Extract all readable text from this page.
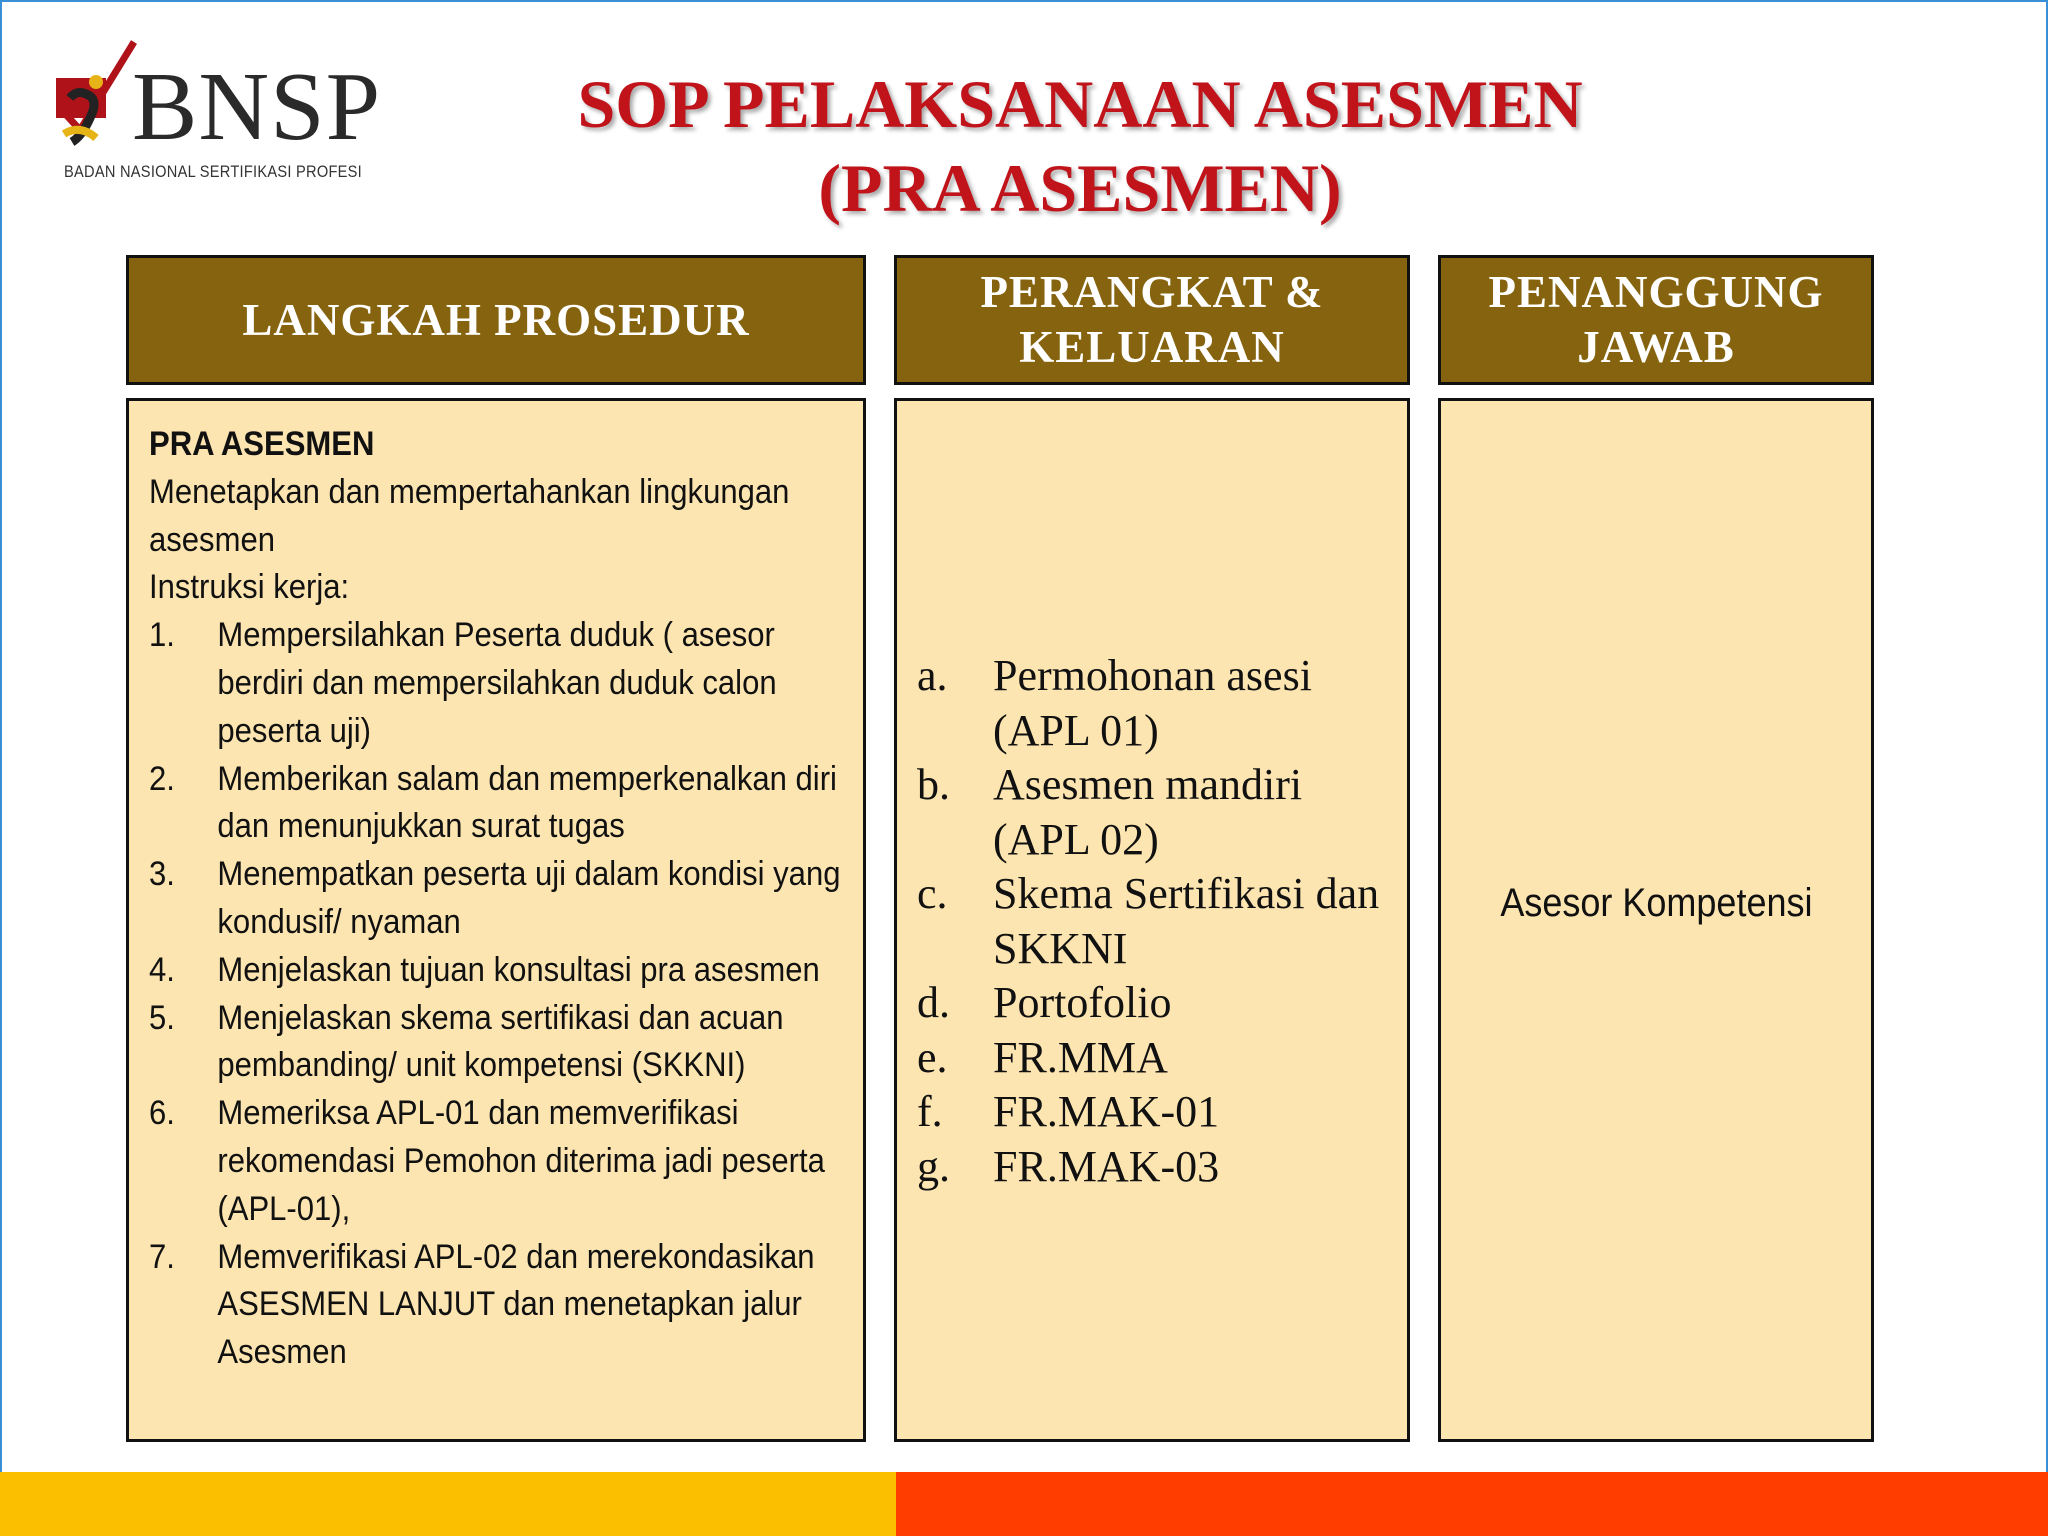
BNSP
BADAN NASIONAL SERTIFIKASI PROFESI
SOP PELAKSANAAN ASESMEN
(PRA ASESMEN)
LANGKAH PROSEDUR
PERANGKAT &
KELUARAN
PENANGGUNG
JAWAB
PRA ASESMEN
Menetapkan dan mempertahankan lingkungan asesmen
Instruksi kerja:
1. Mempersilahkan Peserta duduk ( asesor berdiri dan mempersilahkan duduk calon peserta uji)
2. Memberikan salam dan memperkenalkan diri dan menunjukkan surat tugas
3. Menempatkan peserta uji dalam kondisi yang kondusif/ nyaman
4. Menjelaskan tujuan konsultasi pra asesmen
5. Menjelaskan skema sertifikasi dan acuan pembanding/ unit kompetensi (SKKNI)
6. Memeriksa APL-01 dan memverifikasi rekomendasi Pemohon diterima jadi peserta (APL-01),
7. Memverifikasi APL-02 dan merekondasikan ASESMEN LANJUT dan menetapkan jalur Asesmen
a. Permohonan asesi (APL 01)
b. Asesmen mandiri (APL 02)
c. Skema Sertifikasi dan SKKNI
d. Portofolio
e. FR.MMA
f. FR.MAK-01
g. FR.MAK-03
Asesor Kompetensi
